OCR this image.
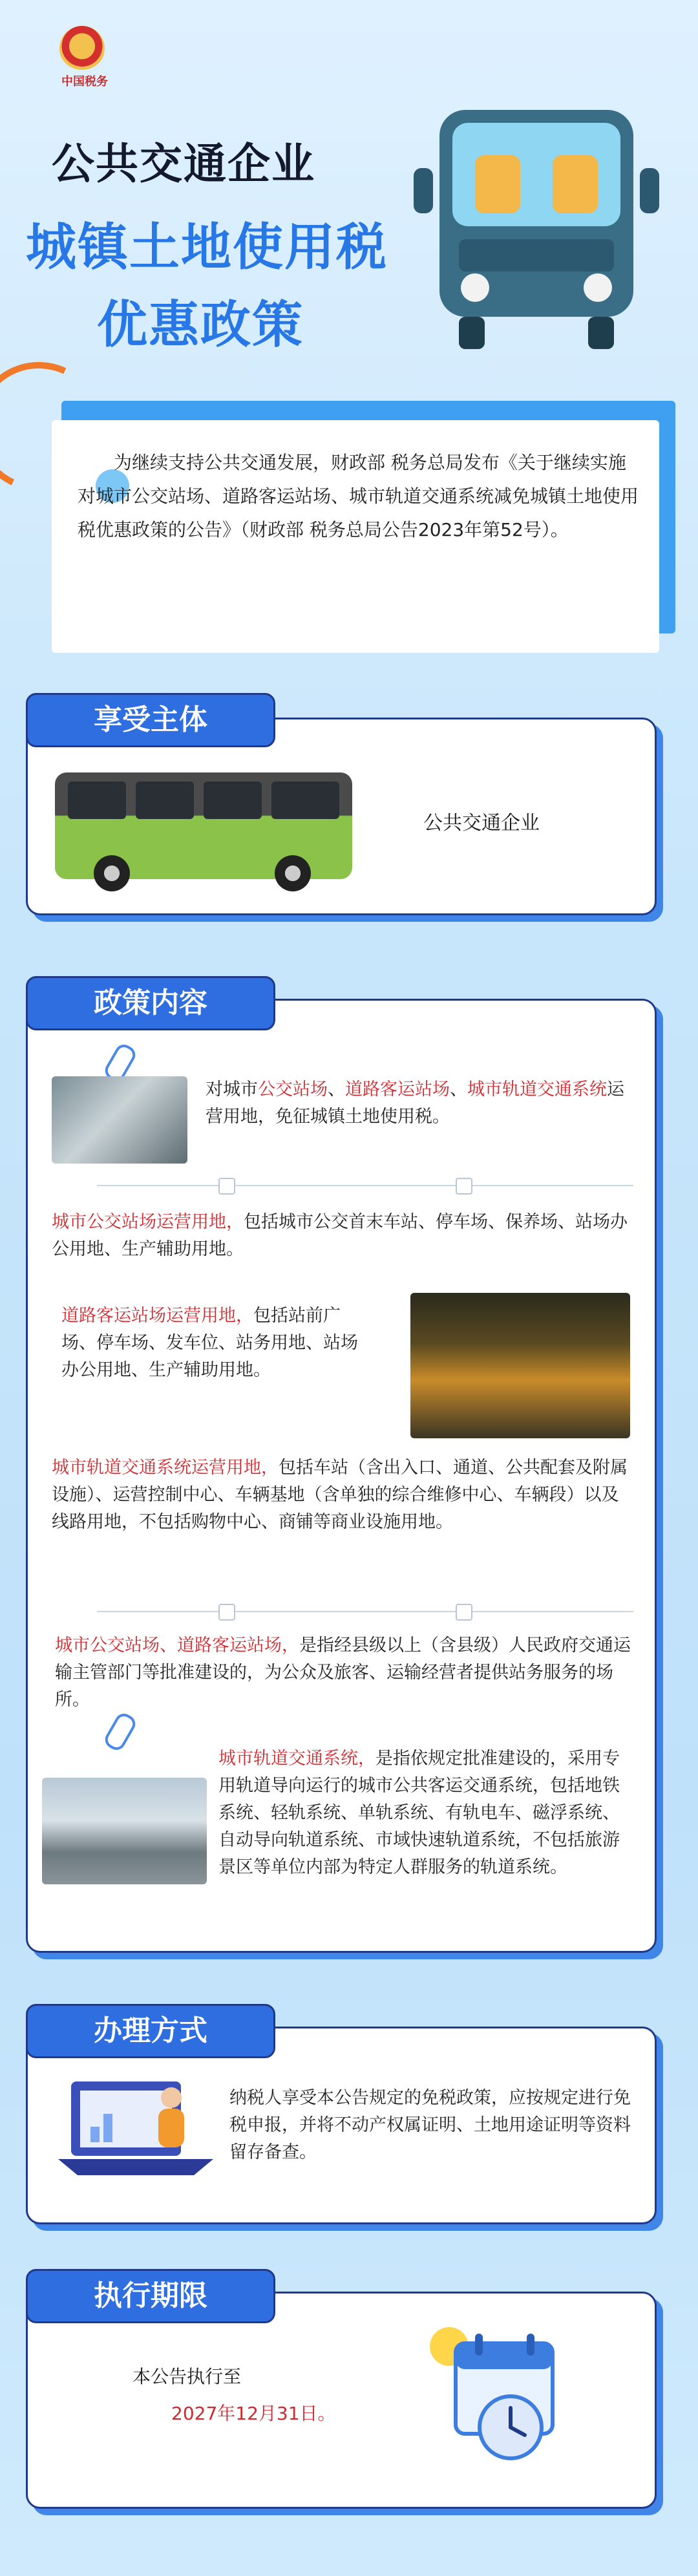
中国税务
公共交通企业
城镇土地使用税
优惠政策
为继续支持公共交通发展，财政部 税务总局发布《关于继续实施对城市公交站场、道路客运站场、城市轨道交通系统减免城镇土地使用税优惠政策的公告》（财政部 税务总局公告2023年第52号）。
享受主体
公共交通企业
政策内容
对城市公交站场、道路客运站场、城市轨道交通系统运营用地，免征城镇土地使用税。
城市公交站场运营用地，包括城市公交首末车站、停车场、保养场、站场办公用地、生产辅助用地。
道路客运站场运营用地，包括站前广场、停车场、发车位、站务用地、站场办公用地、生产辅助用地。
城市轨道交通系统运营用地，包括车站（含出入口、通道、公共配套及附属设施）、运营控制中心、车辆基地（含单独的综合维修中心、车辆段）以及线路用地，不包括购物中心、商铺等商业设施用地。
城市公交站场、道路客运站场，是指经县级以上（含县级）人民政府交通运输主管部门等批准建设的，为公众及旅客、运输经营者提供站务服务的场所。
城市轨道交通系统，是指依规定批准建设的，采用专用轨道导向运行的城市公共客运交通系统，包括地铁系统、轻轨系统、单轨系统、有轨电车、磁浮系统、自动导向轨道系统、市域快速轨道系统，不包括旅游景区等单位内部为特定人群服务的轨道系统。
办理方式
纳税人享受本公告规定的免税政策，应按规定进行免税申报，并将不动产权属证明、土地用途证明等资料留存备查。
执行期限
本公告执行至
2027年12月31日。
